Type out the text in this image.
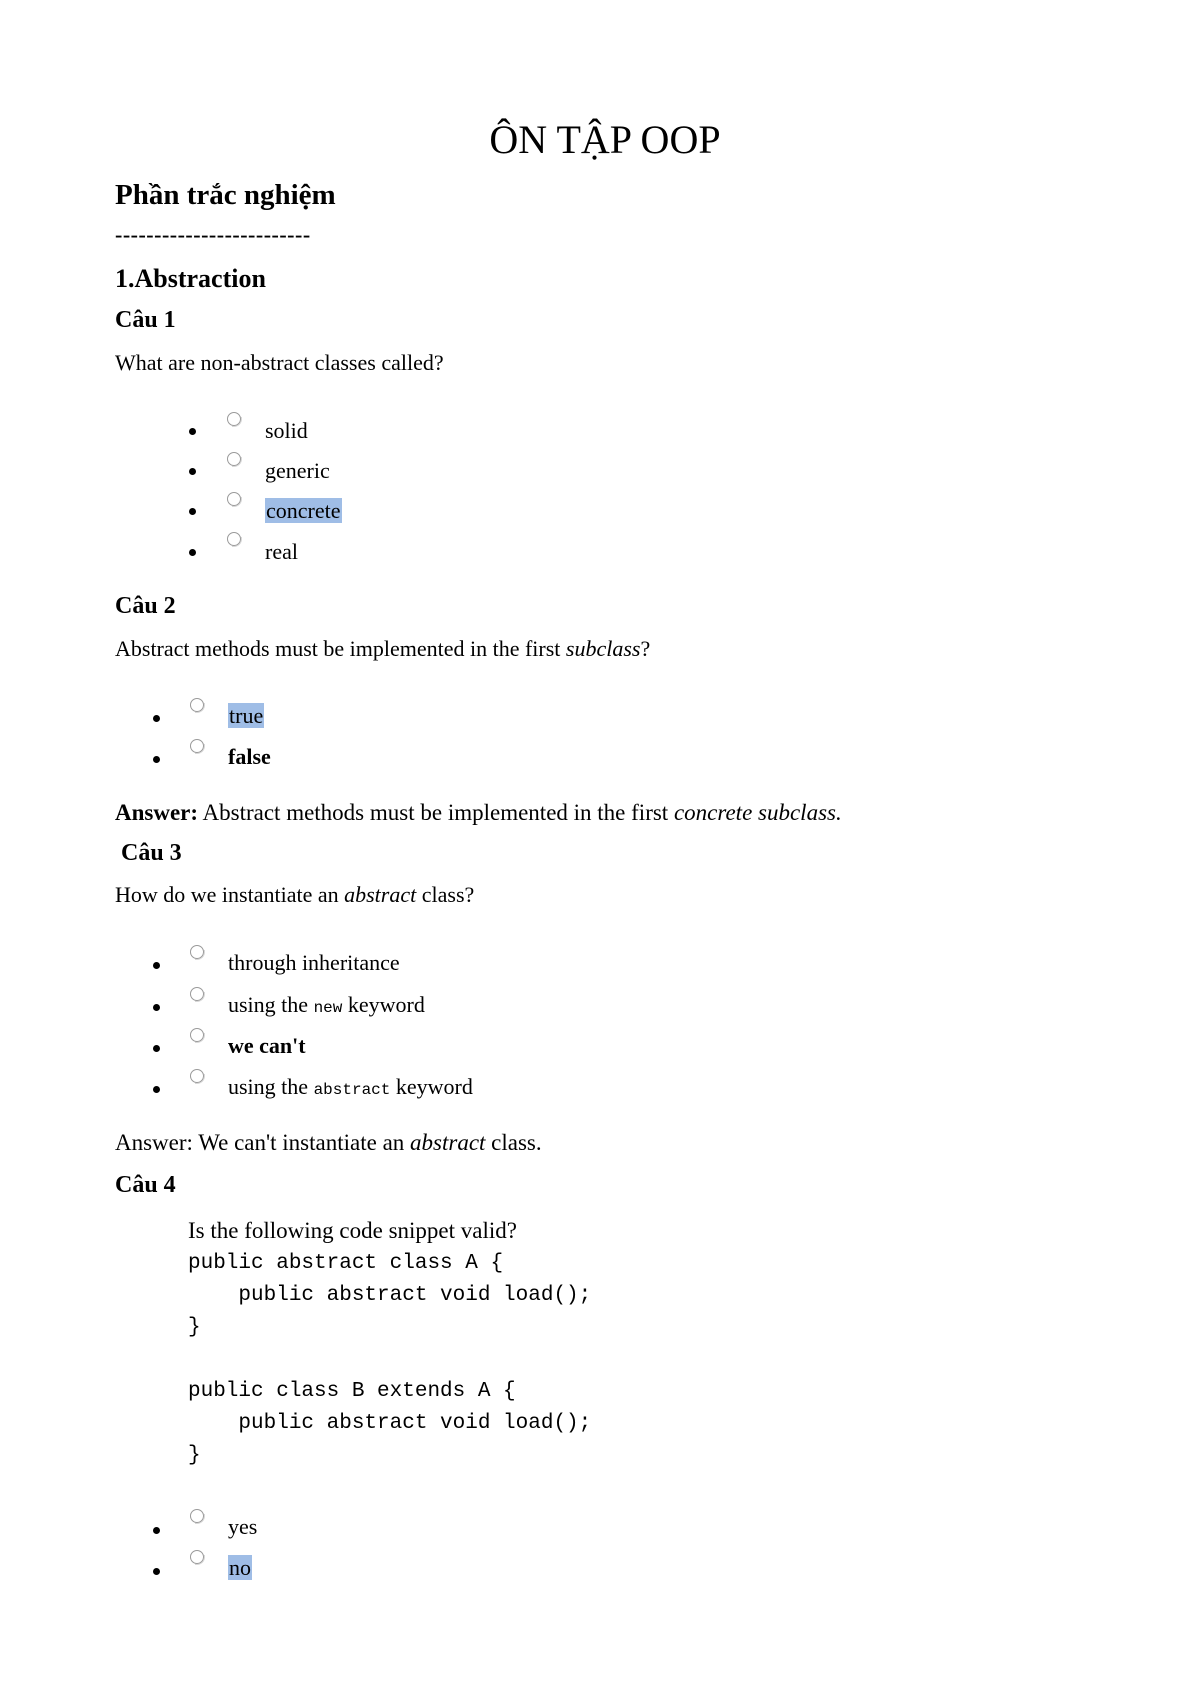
ÔN TẬP OOP
Phần trắc nghiệm
-------------------------
1.Abstraction
Câu 1
What are non-abstract classes called?
solid
generic
concrete
real
Câu 2
Abstract methods must be implemented in the first subclass?
true
false
Answer: Abstract methods must be implemented in the first concrete subclass.
Câu 3
How do we instantiate an abstract class?
through inheritance
using the new keyword
we can't
using the abstract keyword
Answer: We can't instantiate an abstract class.
Câu 4
Is the following code snippet valid?
public abstract class A {
public abstract void load();
}

public class B extends A {
public abstract void load();
}
yes
no
